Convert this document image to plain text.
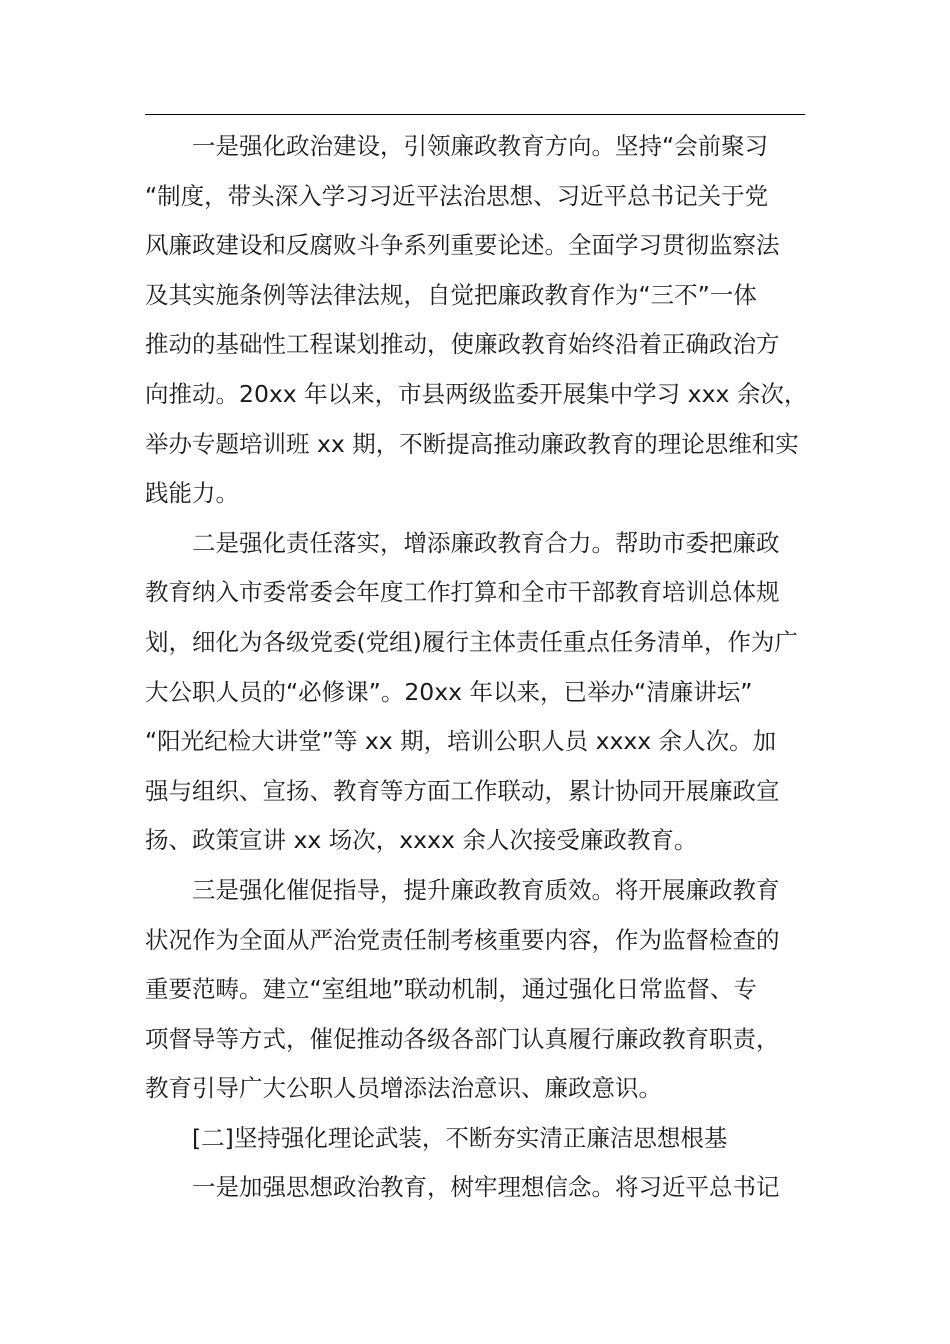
一是强化政治建设，引领廉政教育方向。坚持“会前聚习
“制度，带头深入学习习近平法治思想、习近平总书记关于党
风廉政建设和反腐败斗争系列重要论述。全面学习贯彻监察法
及其实施条例等法律法规，自觉把廉政教育作为“三不”一体
推动的基础性工程谋划推动，使廉政教育始终沿着正确政治方
向推动。20xx 年以来，市县两级监委开展集中学习 xxx 余次，
举办专题培训班 xx 期，不断提高推动廉政教育的理论思维和实
践能力。
二是强化责任落实，增添廉政教育合力。帮助市委把廉政
教育纳入市委常委会年度工作打算和全市干部教育培训总体规
划，细化为各级党委(党组)履行主体责任重点任务清单，作为广
大公职人员的“必修课”。20xx 年以来，已举办“清廉讲坛”
“阳光纪检大讲堂”等 xx 期，培训公职人员 xxxx 余人次。加
强与组织、宣扬、教育等方面工作联动，累计协同开展廉政宣
扬、政策宣讲 xx 场次，xxxx 余人次接受廉政教育。
三是强化催促指导，提升廉政教育质效。将开展廉政教育
状况作为全面从严治党责任制考核重要内容，作为监督检查的
重要范畴。建立“室组地”联动机制，通过强化日常监督、专
项督导等方式，催促推动各级各部门认真履行廉政教育职责，
教育引导广大公职人员增添法治意识、廉政意识。
[二]坚持强化理论武装，不断夯实清正廉洁思想根基
一是加强思想政治教育，树牢理想信念。将习近平总书记
